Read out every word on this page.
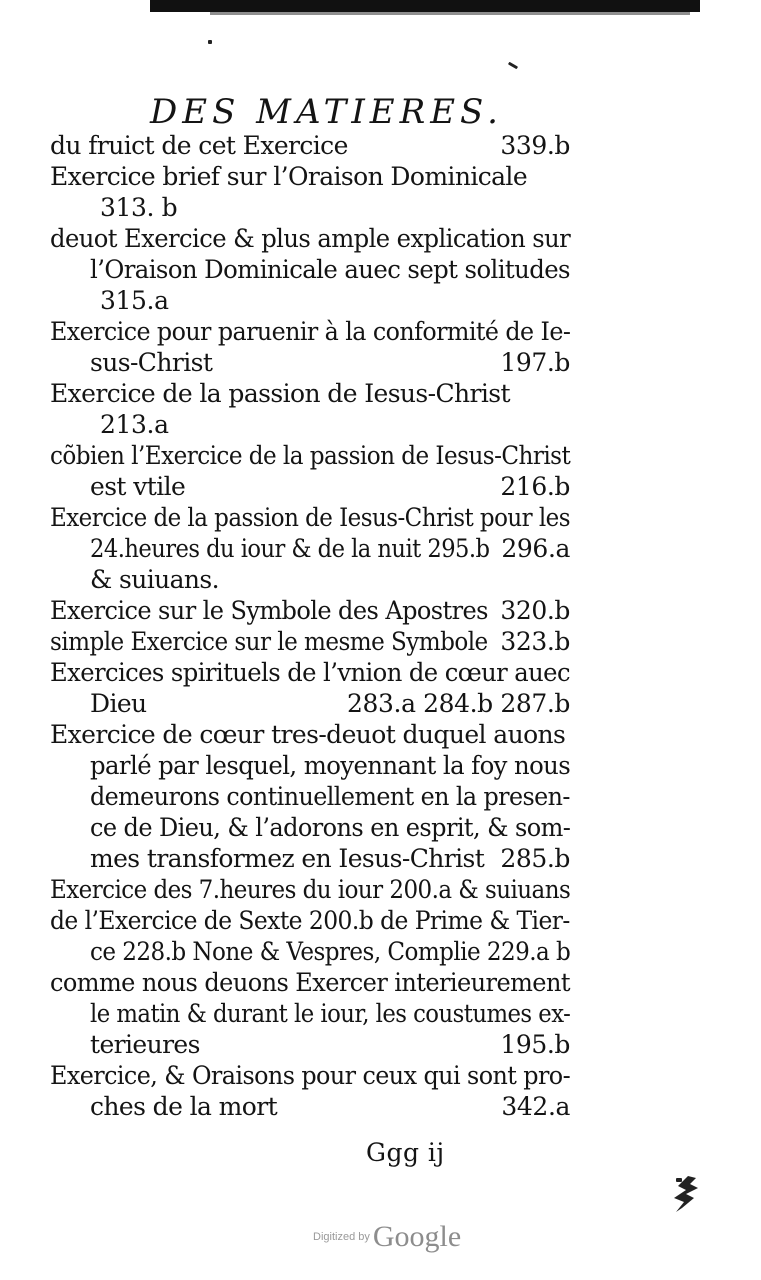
DES MATIERES.
du fruict de cet Exercice	339.b
Exercice brief sur l’Oraison Dominicale
313. b
deuot Exercice & plus ample explication sur
l’Oraison Dominicale auec sept solitudes
315.a
Exercice pour paruenir à la conformité de Ie-
sus-Christ	197.b
Exercice de la passion de Iesus-Christ
213.a
cõbien l’Exercice de la passion de Iesus-Christ
est vtile	216.b
Exercice de la passion de Iesus-Christ pour les
24.heures du iour & de la nuit 295.b 296.a
& suiuans.
Exercice sur le Symbole des Apostres 320.b
simple Exercice sur le mesme Symbole 323.b
Exercices spirituels de l’vnion de cœur auec
Dieu	283.a 284.b 287.b
Exercice de cœur tres-deuot duquel auons
parlé par lesquel, moyennant la foy nous
demeurons continuellement en la presen-
ce de Dieu, & l’adorons en esprit, & som-
mes transformez en Iesus-Christ 285.b
Exercice des 7.heures du iour 200.a & suiuans
de l’Exercice de Sexte 200.b de Prime & Tier-
ce 228.b None & Vespres, Complie 229.a b
comme nous deuons Exercer interieurement
le matin & durant le iour, les coustumes ex-
terieures	195.b
Exercice, & Oraisons pour ceux qui sont pro-
ches de la mort	342.a
Ggg ij
Digitized by Google
